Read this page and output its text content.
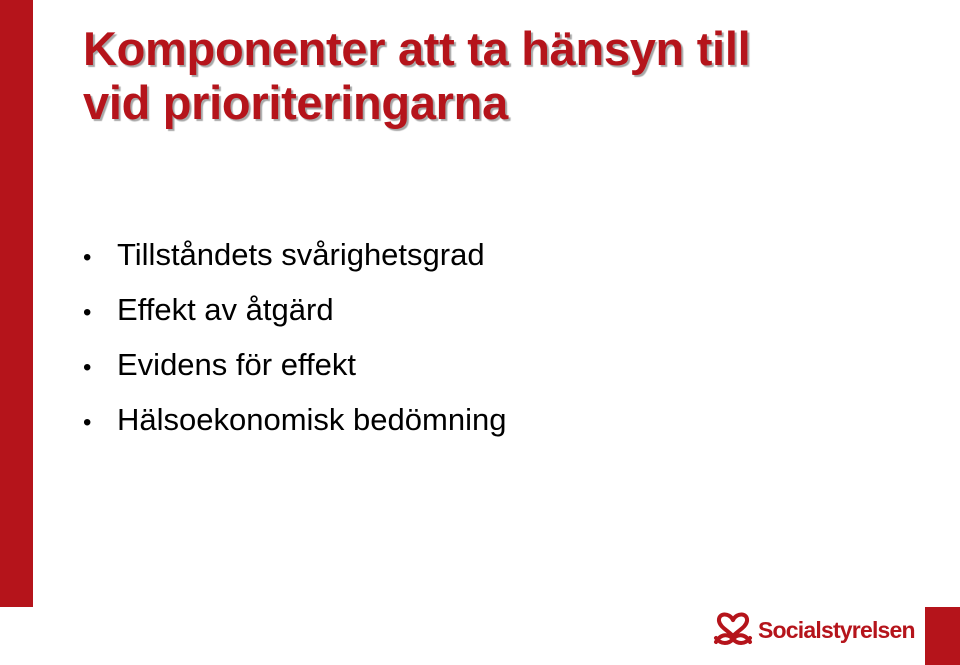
Komponenter att ta hänsyn till
vid prioriteringarna
• Tillståndets svårighetsgrad
• Effekt av åtgärd
• Evidens för effekt
• Hälsoekonomisk bedömning
Socialstyrelsen
